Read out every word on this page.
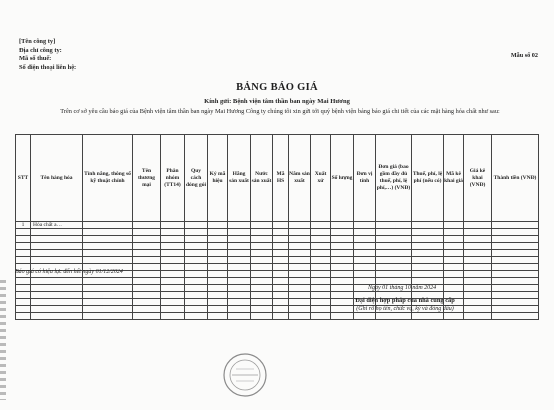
[Tên công ty]
Địa chỉ công ty:
Mã số thuế:
Số điện thoại liên hệ:
Mẫu số 02
BẢNG BÁO GIÁ
Kính gửi: Bệnh viện tâm thần ban ngày Mai Hương
Trên cơ sở yêu cầu báo giá của Bệnh viện tâm thần ban ngày Mai Hương Công ty chúng tôi xin gửi tới quý bệnh viện bảng báo giá chi tiết của các mặt hàng hóa chất như sau:
STT	Tên hàng hóa	Tính năng, thông số kỹ thuật chính	Tên thương mại	Phân nhóm (TT14)	Quy cách đóng gói	Ký mã hiệu	Hãng sản xuất	Nước sản xuất	Mã HS	Năm sản xuất	Xuất xứ	Số lượng	Đơn vị tính	Đơn giá (bao gồm đầy đủ thuế, phí, lệ phí,…) (VNĐ)	Thuế, phí, lệ phí (nếu có)	Mã kê khai giá	Giá kê khai (VNĐ)	Thành tiền (VNĐ)
1	Hóa chất a…																	

Báo giá có hiệu lực đến hết ngày 01/12/2024
Ngày 01 tháng 10 năm 2024
Đại diện hợp pháp của nhà cung cấp
(Ghi rõ họ tên, chức vụ, ký và đóng dấu)
